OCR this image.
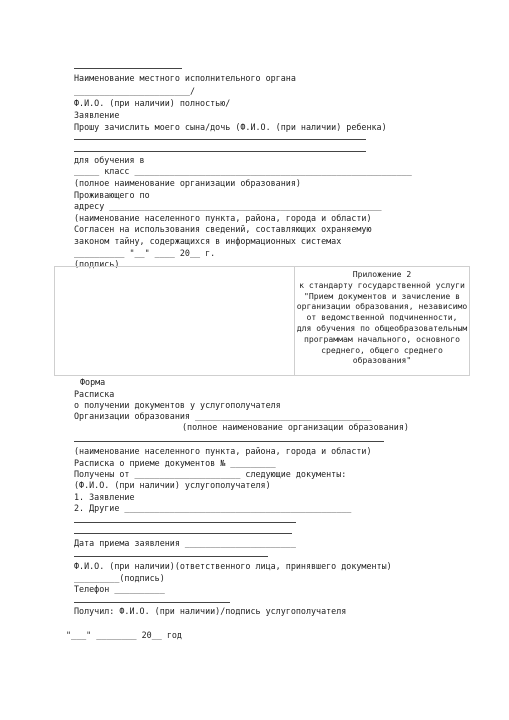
Наименование местного исполнительного органа
_______________________/
Ф.И.О. (при наличии) полностью/
Заявление
Прошу зачислить моего сына/дочь (Ф.И.О. (при наличии) ребенка)
для обучения в
_____ класс _______________________________________________________
(полное наименование организации образования)
Проживающего по
адресу ______________________________________________________
(наименование населенного пункта, района, города и области)
Согласен на использования сведений, составляющих охраняемую
законом тайну, содержащихся в информационных системах
__________ "__" ____ 20__ г.
(подпись)
Приложение 2
к стандарту государственной услуги
"Прием документов и зачисление в
организации образования, независимо
от ведомственной подчиненности,
для обучения по общеобразовательным
программам начального, основного
среднего, общего среднего
образования"
Форма
Расписка
о получении документов у услугополучателя
Организации образования ___________________________________
(полное наименование организации образования)
(наименование населенного пункта, района, города и области)
Расписка о приеме документов № _________
Получены от _____________________ следующие документы:
(Ф.И.О. (при наличии) услугополучателя)
1. Заявление
2. Другие _____________________________________________
Дата приема заявления ______________________
Ф.И.О. (при наличии)(ответственного лица, принявшего документы)
_________(подпись)
Телефон __________
Получил: Ф.И.О. (при наличии)/подпись услугополучателя
"___" ________ 20__ год
